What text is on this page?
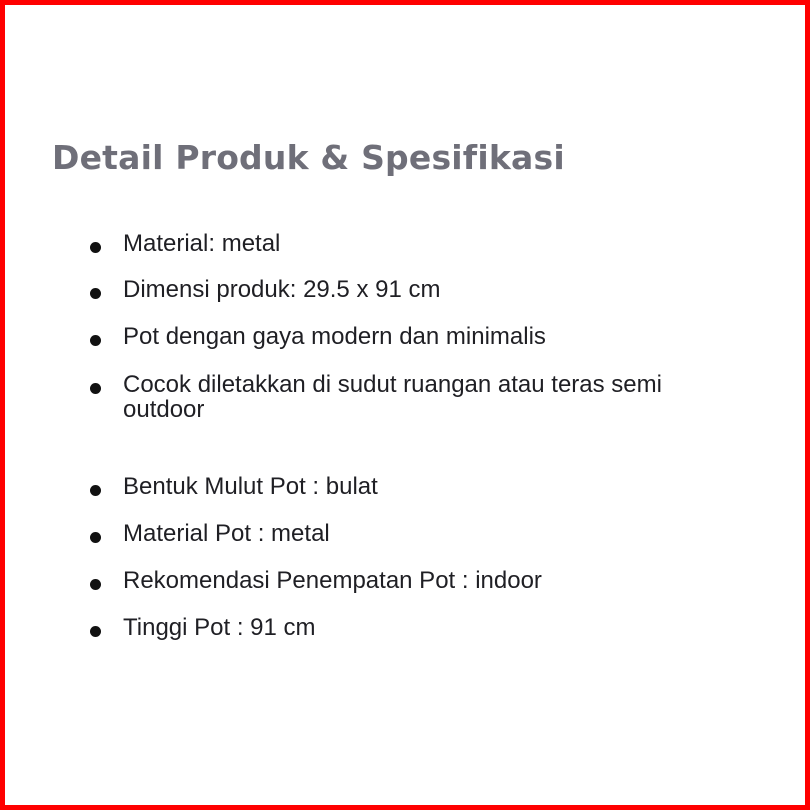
Detail Produk & Spesifikasi
Material: metal
Dimensi produk: 29.5 x 91 cm
Pot dengan gaya modern dan minimalis
Cocok diletakkan di sudut ruangan atau teras semi outdoor
Bentuk Mulut Pot : bulat
Material Pot : metal
Rekomendasi Penempatan Pot : indoor
Tinggi Pot : 91 cm
